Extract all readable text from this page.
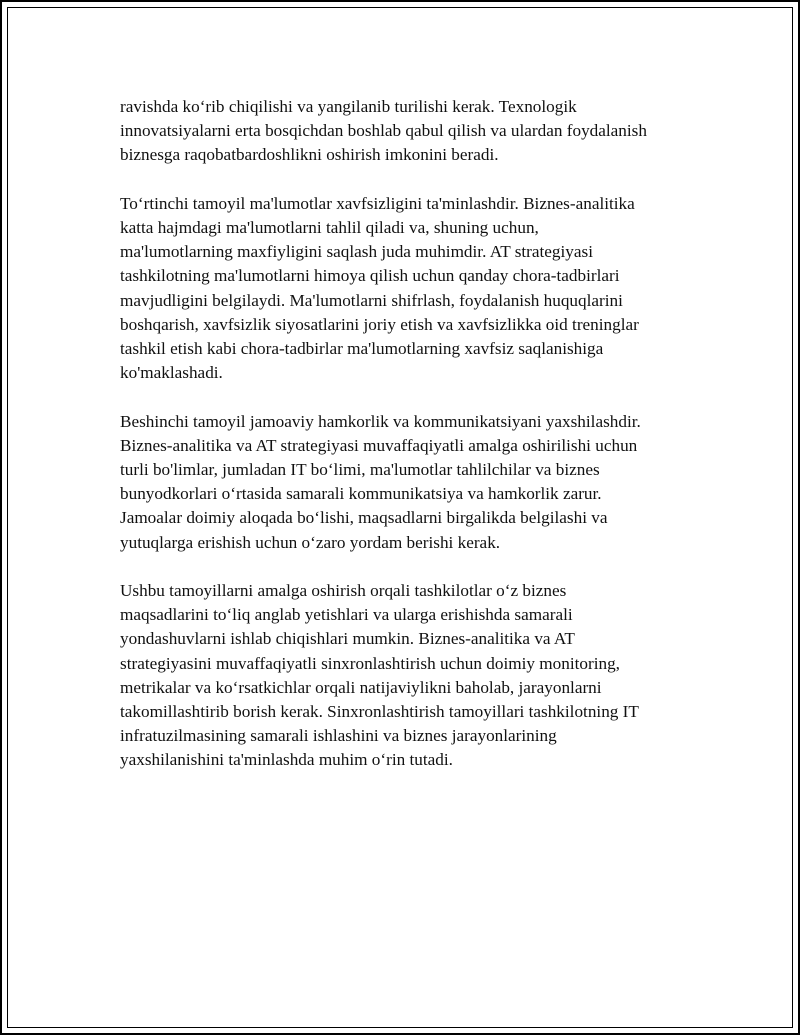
ravishda koʻrib chiqilishi va yangilanib turilishi kerak. Texnologik
innovatsiyalarni erta bosqichdan boshlab qabul qilish va ulardan foydalanish
biznesga raqobatbardoshlikni oshirish imkonini beradi.

Toʻrtinchi tamoyil ma'lumotlar xavfsizligini ta'minlashdir. Biznes-analitika
katta hajmdagi ma'lumotlarni tahlil qiladi va, shuning uchun,
ma'lumotlarning maxfiyligini saqlash juda muhimdir. AT strategiyasi
tashkilotning ma'lumotlarni himoya qilish uchun qanday chora-tadbirlari
mavjudligini belgilaydi. Ma'lumotlarni shifrlash, foydalanish huquqlarini
boshqarish, xavfsizlik siyosatlarini joriy etish va xavfsizlikka oid treninglar
tashkil etish kabi chora-tadbirlar ma'lumotlarning xavfsiz saqlanishiga
ko'maklashadi.

Beshinchi tamoyil jamoaviy hamkorlik va kommunikatsiyani yaxshilashdir.
Biznes-analitika va AT strategiyasi muvaffaqiyatli amalga oshirilishi uchun
turli bo'limlar, jumladan IT boʻlimi, ma'lumotlar tahlilchilar va biznes
bunyodkorlari oʻrtasida samarali kommunikatsiya va hamkorlik zarur.
Jamoalar doimiy aloqada boʻlishi, maqsadlarni birgalikda belgilashi va
yutuqlarga erishish uchun oʻzaro yordam berishi kerak.

Ushbu tamoyillarni amalga oshirish orqali tashkilotlar oʻz biznes
maqsadlarini toʻliq anglab yetishlari va ularga erishishda samarali
yondashuvlarni ishlab chiqishlari mumkin. Biznes-analitika va AT
strategiyasini muvaffaqiyatli sinxronlashtirish uchun doimiy monitoring,
metrikalar va koʻrsatkichlar orqali natijaviylikni baholab, jarayonlarni
takomillashtirib borish kerak. Sinxronlashtirish tamoyillari tashkilotning IT
infratuzilmasining samarali ishlashini va biznes jarayonlarining
yaxshilanishini ta'minlashda muhim oʻrin tutadi.
